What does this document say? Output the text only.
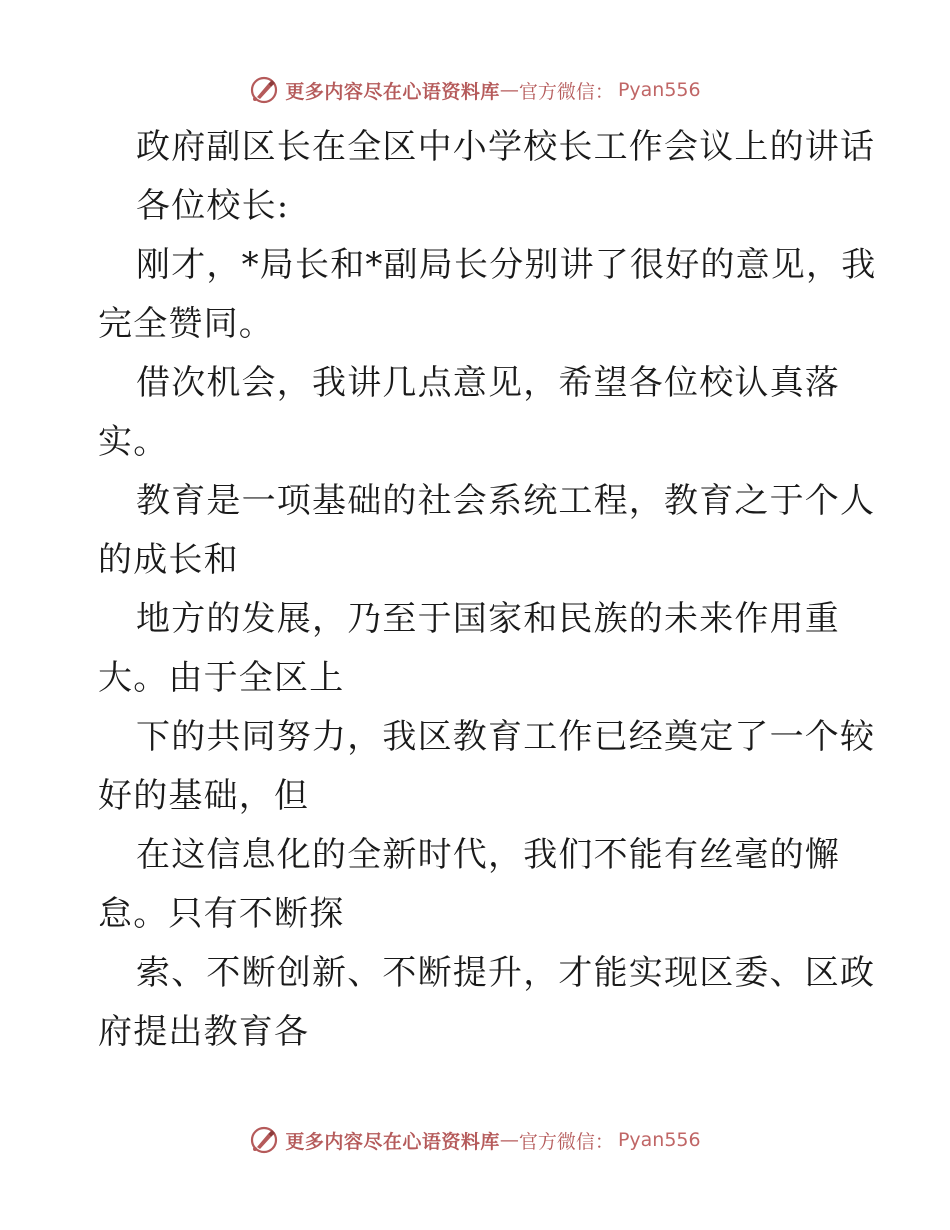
更多内容尽在心语资料库 — 官方微信： Pyan556
政府副区长在全区中小学校长工作会议上的讲话
各位校长:
刚才，*局长和*副局长分别讲了很好的意见，我
完全赞同。
借次机会，我讲几点意见，希望各位校认真落
实。
教育是一项基础的社会系统工程，教育之于个人
的成长和
地方的发展，乃至于国家和民族的未来作用重
大。由于全区上
下的共同努力，我区教育工作已经奠定了一个较
好的基础，但
在这信息化的全新时代，我们不能有丝毫的懈
怠。只有不断探
索、不断创新、不断提升，才能实现区委、区政
府提出教育各
更多内容尽在心语资料库 — 官方微信： Pyan556
